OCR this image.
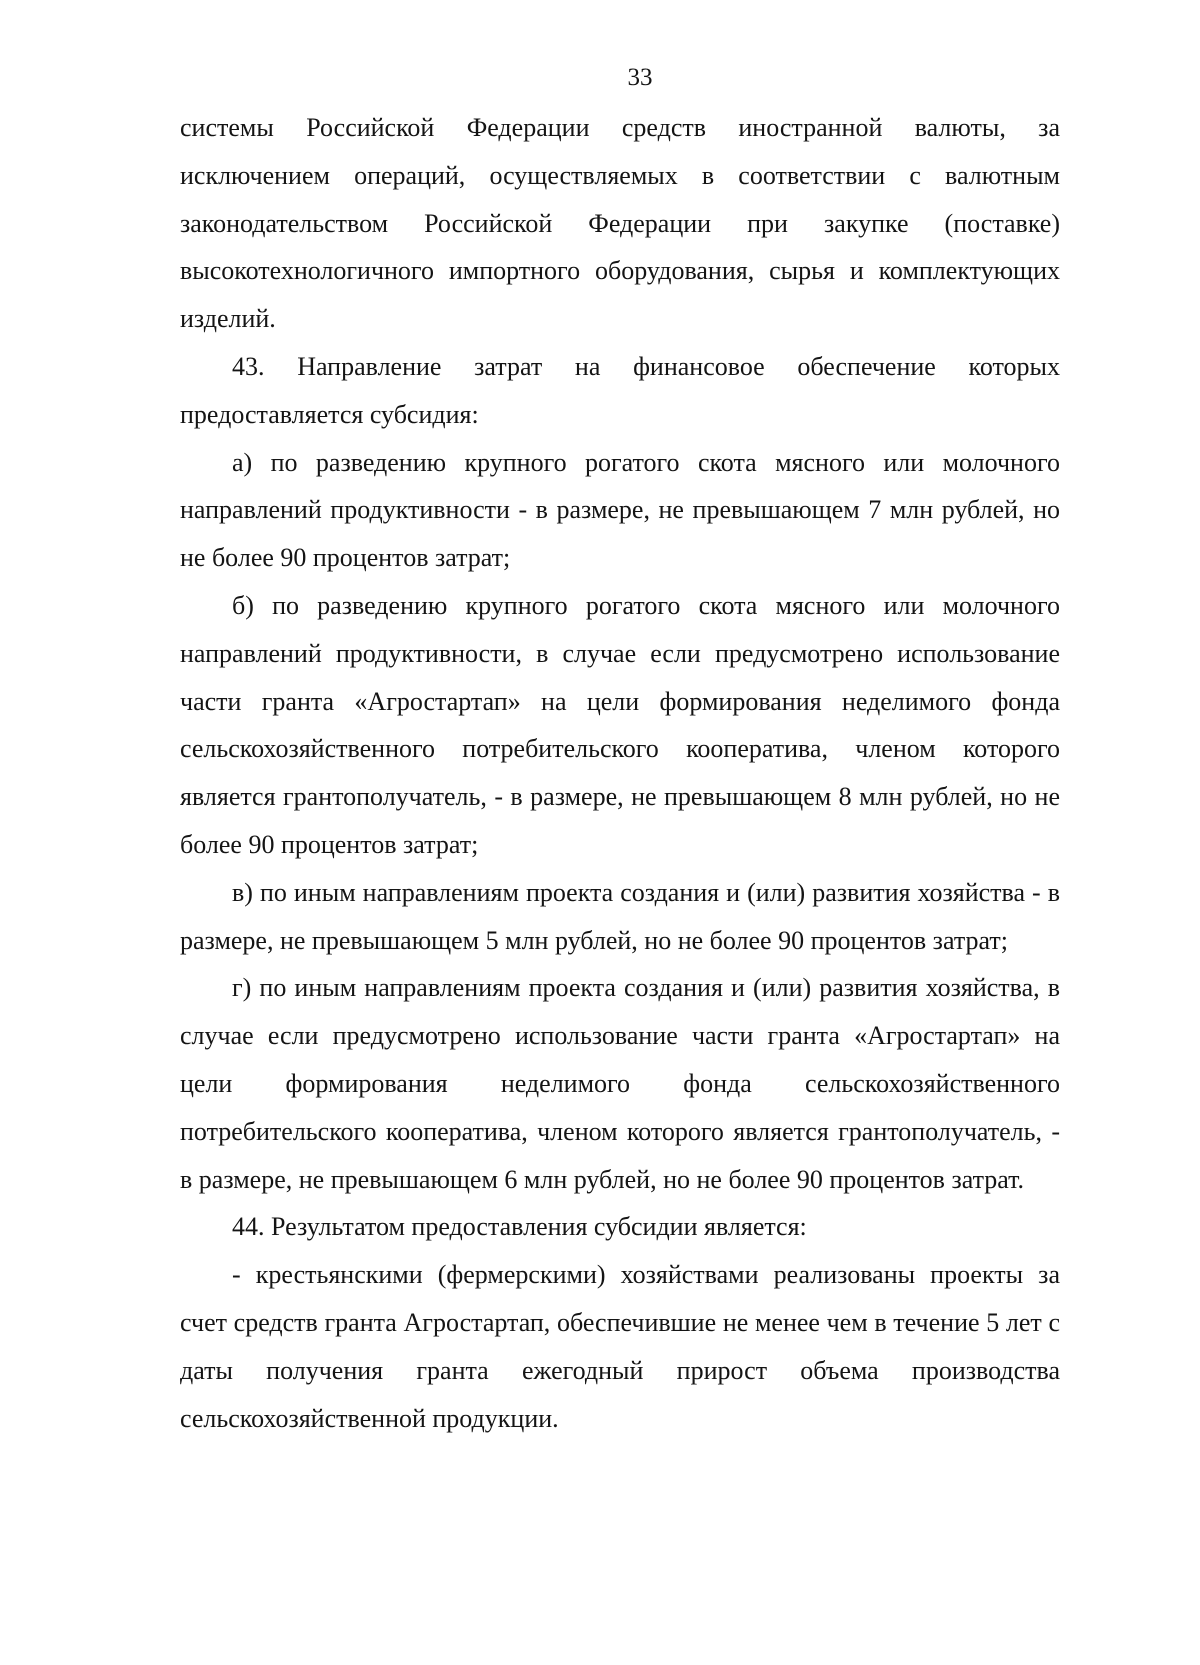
33

системы Российской Федерации средств иностранной валюты, за исключением операций, осуществляемых в соответствии с валютным законодательством Российской Федерации при закупке (поставке) высокотехнологичного импортного оборудования, сырья и комплектующих изделий.

43. Направление затрат на финансовое обеспечение которых предоставляется субсидия:

а) по разведению крупного рогатого скота мясного или молочного направлений продуктивности - в размере, не превышающем 7 млн рублей, но не более 90 процентов затрат;

б) по разведению крупного рогатого скота мясного или молочного направлений продуктивности, в случае если предусмотрено использование части гранта «Агростартап» на цели формирования неделимого фонда сельскохозяйственного потребительского кооператива, членом которого является грантополучатель, - в размере, не превышающем 8 млн рублей, но не более 90 процентов затрат;

в) по иным направлениям проекта создания и (или) развития хозяйства - в размере, не превышающем 5 млн рублей, но не более 90 процентов затрат;

г) по иным направлениям проекта создания и (или) развития хозяйства, в случае если предусмотрено использование части гранта «Агростартап» на цели формирования неделимого фонда сельскохозяйственного потребительского кооператива, членом которого является грантополучатель, - в размере, не превышающем 6 млн рублей, но не более 90 процентов затрат.

44. Результатом предоставления субсидии является:

- крестьянскими (фермерскими) хозяйствами реализованы проекты за счет средств гранта Агростартап, обеспечившие не менее чем в течение 5 лет с даты получения гранта ежегодный прирост объема производства сельскохозяйственной продукции.
